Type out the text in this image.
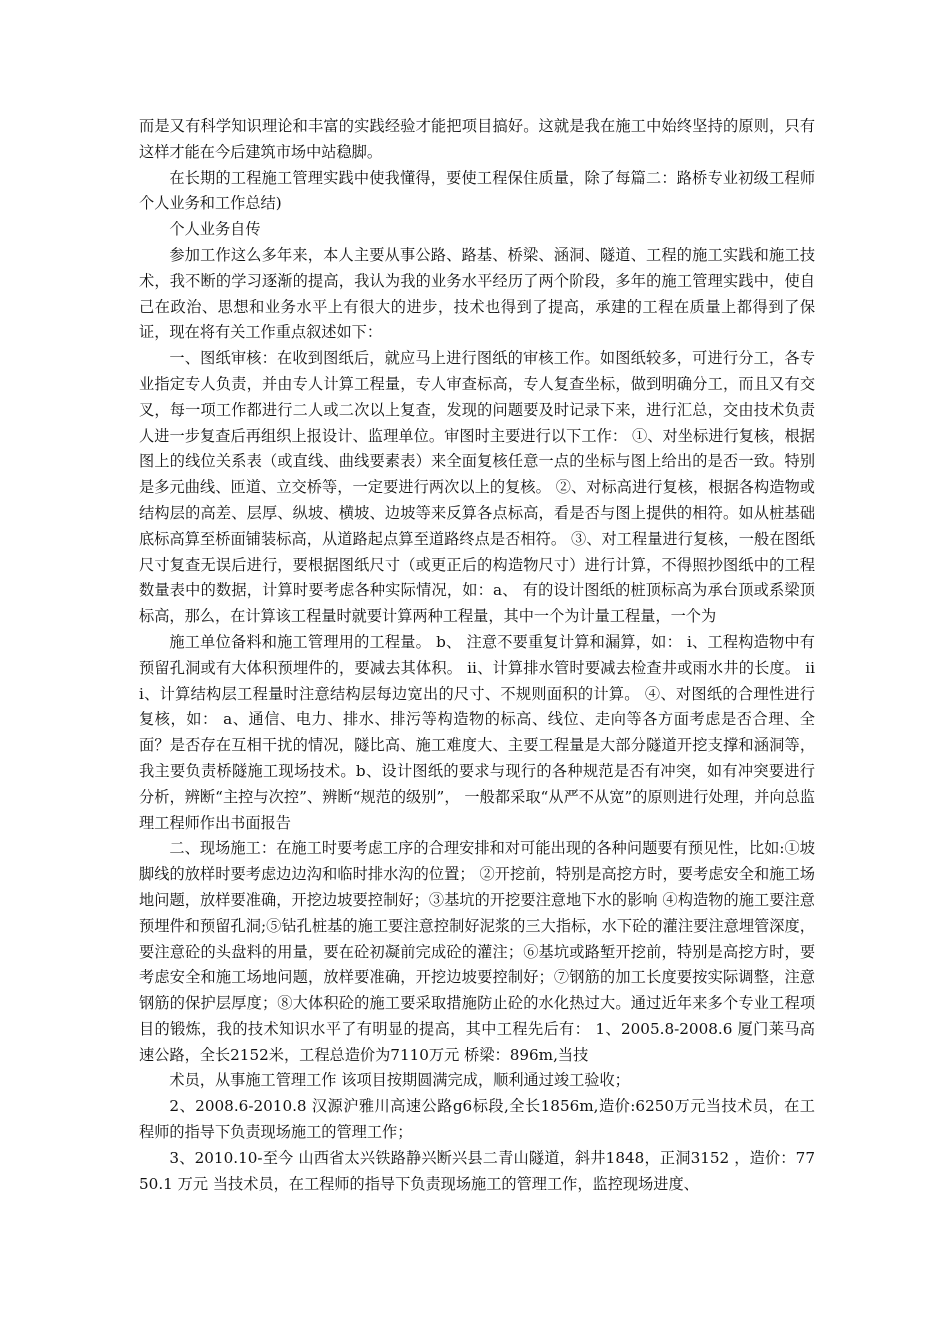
而是又有科学知识理论和丰富的实践经验才能把项目搞好。这就是我在施工中始终坚持的原则，只有这样才能在今后建筑市场中站稳脚。

在长期的工程施工管理实践中使我懂得，要使工程保住质量，除了每篇二：路桥专业初级工程师个人业务和工作总结)

个人业务自传

参加工作这么多年来，本人主要从事公路、路基、桥梁、涵洞、隧道、工程的施工实践和施工技术，我不断的学习逐渐的提高，我认为我的业务水平经历了两个阶段，多年的施工管理实践中，使自己在政治、思想和业务水平上有很大的进步，技术也得到了提高，承建的工程在质量上都得到了保证，现在将有关工作重点叙述如下：

一、图纸审核：在收到图纸后，就应马上进行图纸的审核工作。如图纸较多，可进行分工，各专业指定专人负责，并由专人计算工程量，专人审查标高，专人复查坐标，做到明确分工，而且又有交叉，每一项工作都进行二人或二次以上复查，发现的问题要及时记录下来，进行汇总，交由技术负责人进一步复查后再组织上报设计、监理单位。审图时主要进行以下工作： ①、对坐标进行复核，根据图上的线位关系表（或直线、曲线要素表）来全面复核任意一点的坐标与图上给出的是否一致。特别是多元曲线、匝道、立交桥等，一定要进行两次以上的复核。 ②、对标高进行复核，根据各构造物或结构层的高差、层厚、纵坡、横坡、边坡等来反算各点标高，看是否与图上提供的相符。如从桩基础底标高算至桥面铺装标高，从道路起点算至道路终点是否相符。 ③、对工程量进行复核，一般在图纸尺寸复查无误后进行，要根据图纸尺寸（或更正后的构造物尺寸）进行计算，不得照抄图纸中的工程数量表中的数据，计算时要考虑各种实际情况，如：a、 有的设计图纸的桩顶标高为承台顶或系梁顶标高，那么，在计算该工程量时就要计算两种工程量，其中一个为计量工程量，一个为

施工单位备料和施工管理用的工程量。 b、 注意不要重复计算和漏算，如： i、工程构造物中有预留孔洞或有大体积预埋件的，要减去其体积。 ii、计算排水管时要减去检查井或雨水井的长度。 iii、计算结构层工程量时注意结构层每边宽出的尺寸、不规则面积的计算。 ④、对图纸的合理性进行复核，如： a、通信、电力、排水、排污等构造物的标高、线位、走向等各方面考虑是否合理、全面？是否存在互相干扰的情况，隧比高、施工难度大、主要工程量是大部分隧道开挖支撑和涵洞等，我主要负责桥隧施工现场技术。b、设计图纸的要求与现行的各种规范是否有冲突，如有冲突要进行分析，辨断“主控与次控”、辨断“规范的级别”， 一般都采取“从严不从宽”的原则进行处理，并向总监理工程师作出书面报告

二、现场施工：在施工时要考虑工序的合理安排和对可能出现的各种问题要有预见性，比如:①坡脚线的放样时要考虑边边沟和临时排水沟的位置； ②开挖前，特别是高挖方时，要考虑安全和施工场地问题，放样要准确，开挖边坡要控制好；③基坑的开挖要注意地下水的影响 ④构造物的施工要注意预埋件和预留孔洞;⑤钻孔桩基的施工要注意控制好泥浆的三大指标，水下砼的灌注要注意埋管深度，要注意砼的头盘料的用量，要在砼初凝前完成砼的灌注；⑥基坑或路堑开挖前，特别是高挖方时，要考虑安全和施工场地问题，放样要准确，开挖边坡要控制好；⑦钢筋的加工长度要按实际调整，注意钢筋的保护层厚度；⑧大体积砼的施工要采取措施防止砼的水化热过大。通过近年来多个专业工程项目的锻炼，我的技术知识水平了有明显的提高，其中工程先后有： 1、2005.8-2008.6 厦门莱马高速公路，全长2152米，工程总造价为7110万元 桥梁：896m,当技

术员，从事施工管理工作 该项目按期圆满完成，顺利通过竣工验收；

2、2008.6-2010.8 汉源沪雅川高速公路g6标段,全长1856m,造价:6250万元当技术员，在工程师的指导下负责现场施工的管理工作；

3、2010.10-至今 山西省太兴铁路静兴断兴县二青山隧道，斜井1848，正洞3152 ，造价：7750.1 万元 当技术员，在工程师的指导下负责现场施工的管理工作，监控现场进度、
